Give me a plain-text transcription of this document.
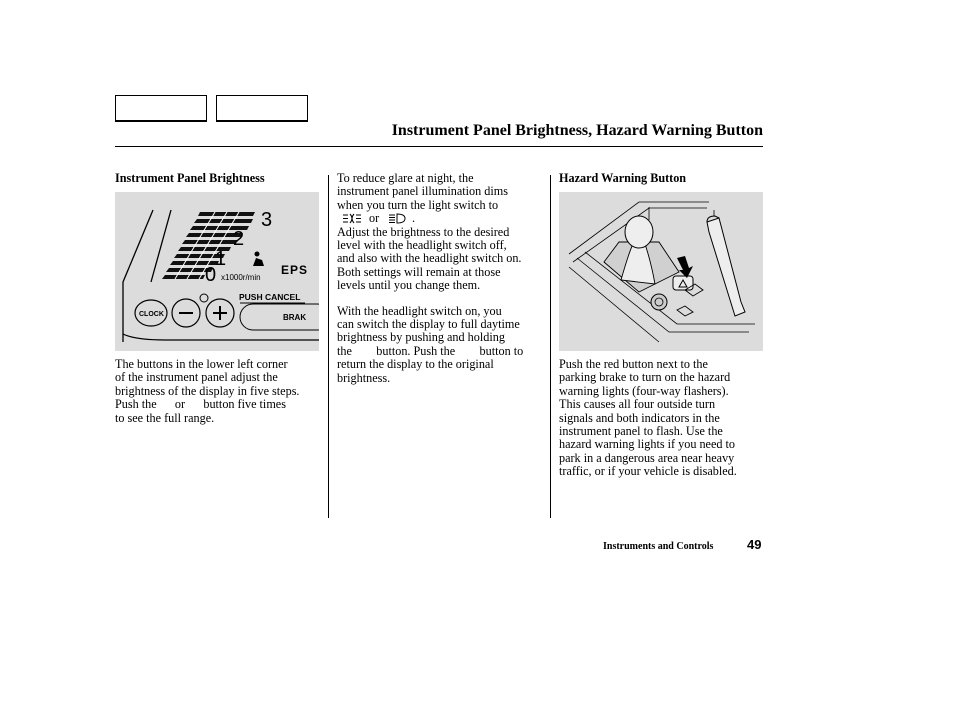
Instrument Panel Brightness, Hazard Warning Button
Instrument Panel Brightness
3
2
1
0 x1000r/min
EPS
CLOCK
PUSH CANCEL
BRAK
The buttons in the lower left corner
of the instrument panel adjust the
brightness of the display in five steps.
Push the      or      button five times
to see the full range.
To reduce glare at night, the
instrument panel illumination dims
when you turn the light switch to
or	.
Adjust the brightness to the desired
level with the headlight switch off,
and also with the headlight switch on.
Both settings will remain at those
levels until you change them.
With the headlight switch on, you
can switch the display to full daytime
brightness by pushing and holding
the        button. Push the        button to
return the display to the original
brightness.
Hazard Warning Button
Push the red button next to the
parking brake to turn on the hazard
warning lights (four-way flashers).
This causes all four outside turn
signals and both indicators in the
instrument panel to flash. Use the
hazard warning lights if you need to
park in a dangerous area near heavy
traffic, or if your vehicle is disabled.
Instruments and Controls	49
